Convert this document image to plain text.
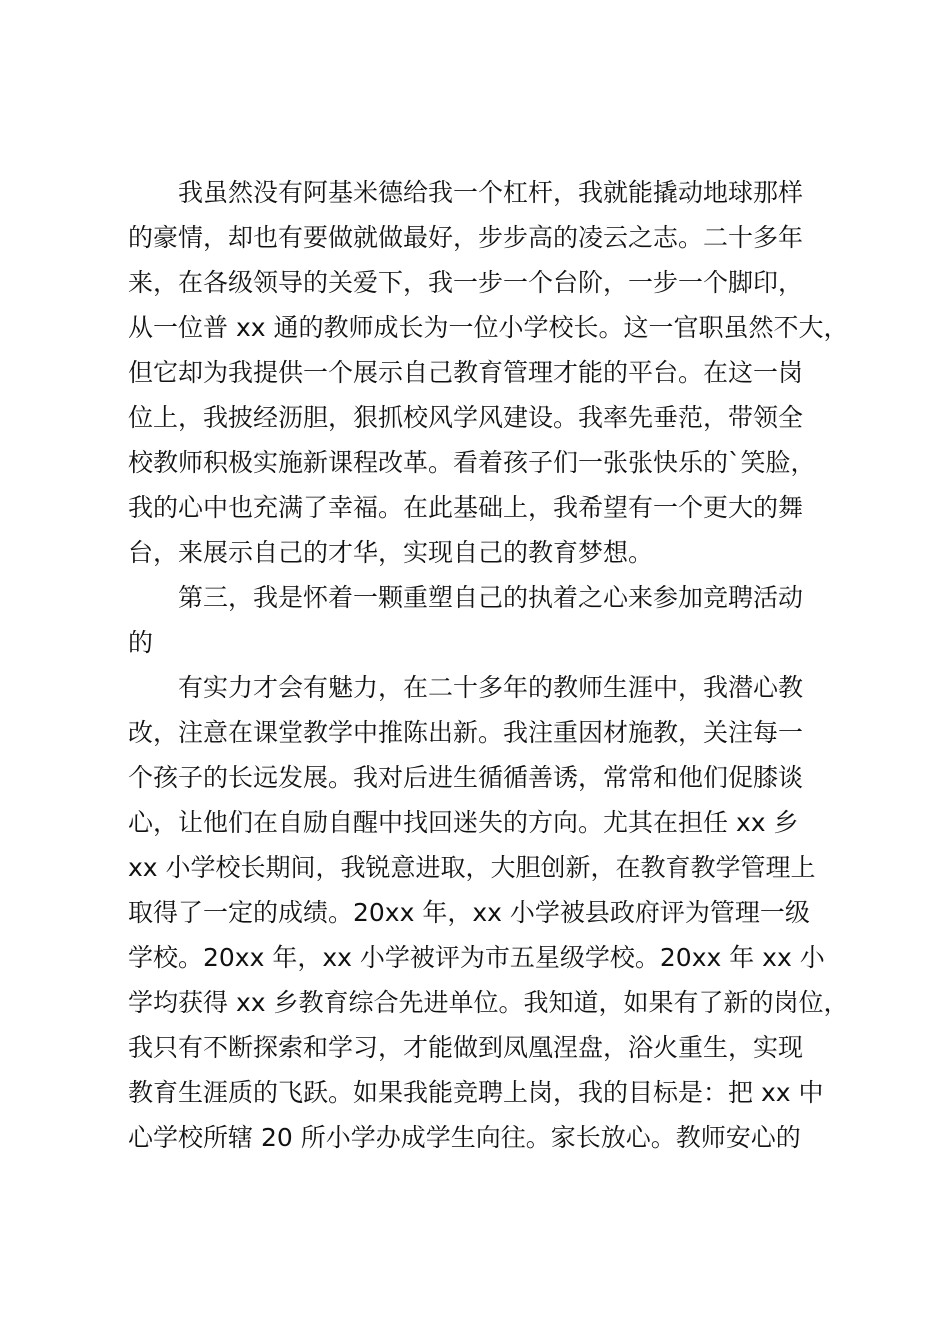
我虽然没有阿基米德给我一个杠杆，我就能撬动地球那样
的豪情，却也有要做就做最好，步步高的凌云之志。二十多年
来，在各级领导的关爱下，我一步一个台阶，一步一个脚印，
从一位普 xx 通的教师成长为一位小学校长。这一官职虽然不大，
但它却为我提供一个展示自己教育管理才能的平台。在这一岗
位上，我披经沥胆，狠抓校风学风建设。我率先垂范，带领全
校教师积极实施新课程改革。看着孩子们一张张快乐的`笑脸，
我的心中也充满了幸福。在此基础上，我希望有一个更大的舞
台，来展示自己的才华，实现自己的教育梦想。
第三，我是怀着一颗重塑自己的执着之心来参加竞聘活动
的
有实力才会有魅力，在二十多年的教师生涯中，我潜心教
改，注意在课堂教学中推陈出新。我注重因材施教，关注每一
个孩子的长远发展。我对后进生循循善诱，常常和他们促膝谈
心，让他们在自励自醒中找回迷失的方向。尤其在担任 xx 乡
xx 小学校长期间，我锐意进取，大胆创新，在教育教学管理上
取得了一定的成绩。20xx 年，xx 小学被县政府评为管理一级
学校。20xx 年，xx 小学被评为市五星级学校。20xx 年 xx 小
学均获得 xx 乡教育综合先进单位。我知道，如果有了新的岗位，
我只有不断探索和学习，才能做到凤凰涅盘，浴火重生，实现
教育生涯质的飞跃。如果我能竞聘上岗，我的目标是：把 xx 中
心学校所辖 20 所小学办成学生向往。家长放心。教师安心的
